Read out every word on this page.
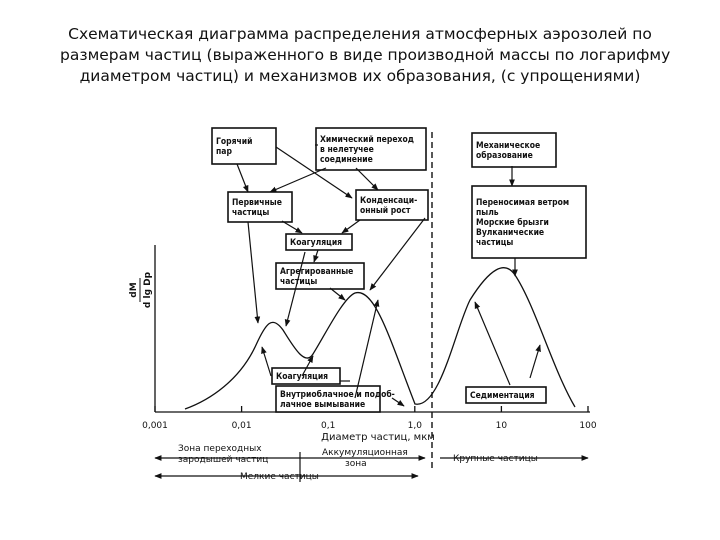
Схематическая диаграмма распределения атмосферных аэрозолей по
размерам частиц (выраженного в виде производной массы по логарифму
диаметром частиц) и механизмов их образования, (с упрощениями)
dM d lg Dp
0,001	0,01	0,1	1,0	10	100
Диаметр частиц, мкм
Горячий
пар
Химический переход
в нелетучее
соединение
Первичные
частицы
Конденсаци-
онный рост
Коагуляция
Агрегированные
частицы
Коагуляция
Внутриоблачное и подоб-
лачное вымывание
Механическое
образование
Переносимая ветром
пыль
Морские брызги
Вулканические
частицы
Седиментация
Зона переходных
зародышей частиц
Аккумуляционная
зона	Крупные частицы
Мелкие частицы
